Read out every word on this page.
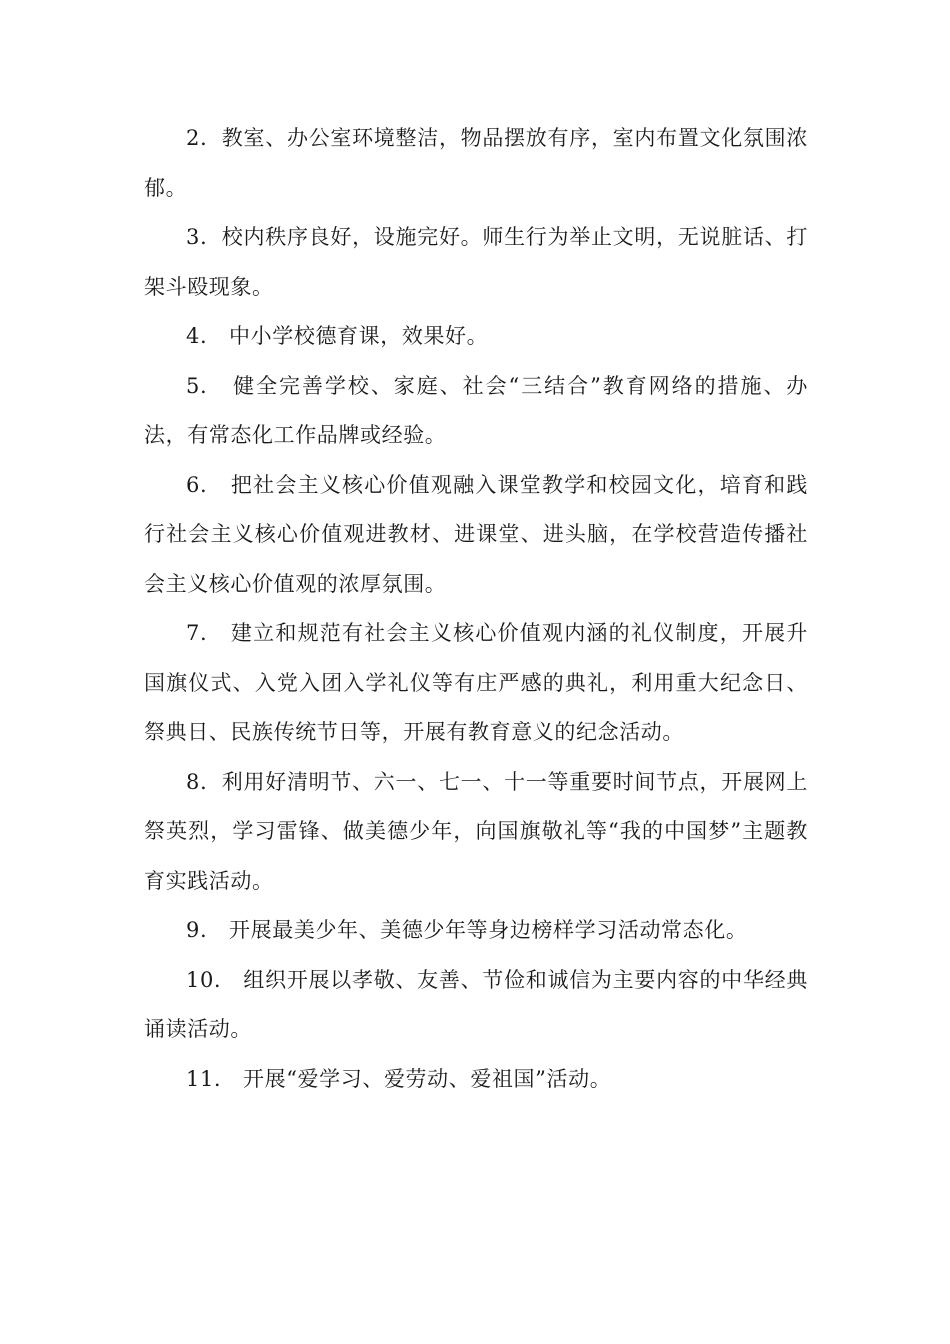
2．教室、办公室环境整洁，物品摆放有序，室内布置文化氛围浓郁。

3．校内秩序良好，设施完好。师生行为举止文明，无说脏话、打架斗殴现象。

4.   中小学校德育课，效果好。

5.   健全完善学校、家庭、社会“三结合”教育网络的措施、办法，有常态化工作品牌或经验。

6.   把社会主义核心价值观融入课堂教学和校园文化，培育和践行社会主义核心价值观进教材、进课堂、进头脑，在学校营造传播社会主义核心价值观的浓厚氛围。

7.   建立和规范有社会主义核心价值观内涵的礼仪制度，开展升国旗仪式、入党入团入学礼仪等有庄严感的典礼，利用重大纪念日、祭典日、民族传统节日等，开展有教育意义的纪念活动。

8．利用好清明节、六一、七一、十一等重要时间节点，开展网上祭英烈，学习雷锋、做美德少年，向国旗敬礼等“我的中国梦”主题教育实践活动。

9.   开展最美少年、美德少年等身边榜样学习活动常态化。

10.   组织开展以孝敬、友善、节俭和诚信为主要内容的中华经典诵读活动。

11.   开展“爱学习、爱劳动、爱祖国”活动。
